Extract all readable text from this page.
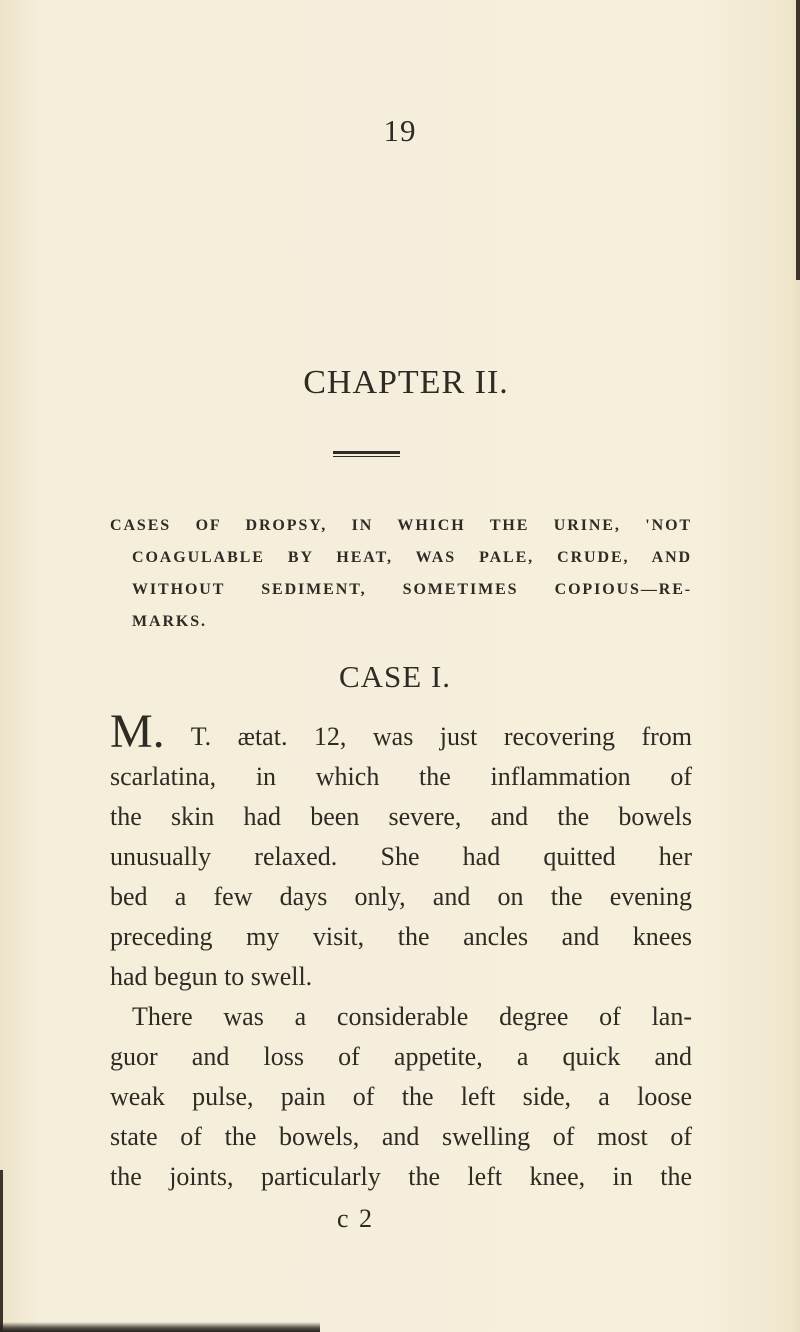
19
CHAPTER II.
CASES OF DROPSY, IN WHICH THE URINE, 'NOT
COAGULABLE BY HEAT, WAS PALE, CRUDE, AND
WITHOUT SEDIMENT, SOMETIMES COPIOUS—RE-
MARKS.
CASE I.
M. T. ætat. 12, was just recovering from
scarlatina, in which the inflammation of
the skin had been severe, and the bowels
unusually relaxed. She had quitted her
bed a few days only, and on the evening
preceding my visit, the ancles and knees
had begun to swell.
There was a considerable degree of lan-
guor and loss of appetite, a quick and
weak pulse, pain of the left side, a loose
state of the bowels, and swelling of most of
the joints, particularly the left knee, in the
c 2
